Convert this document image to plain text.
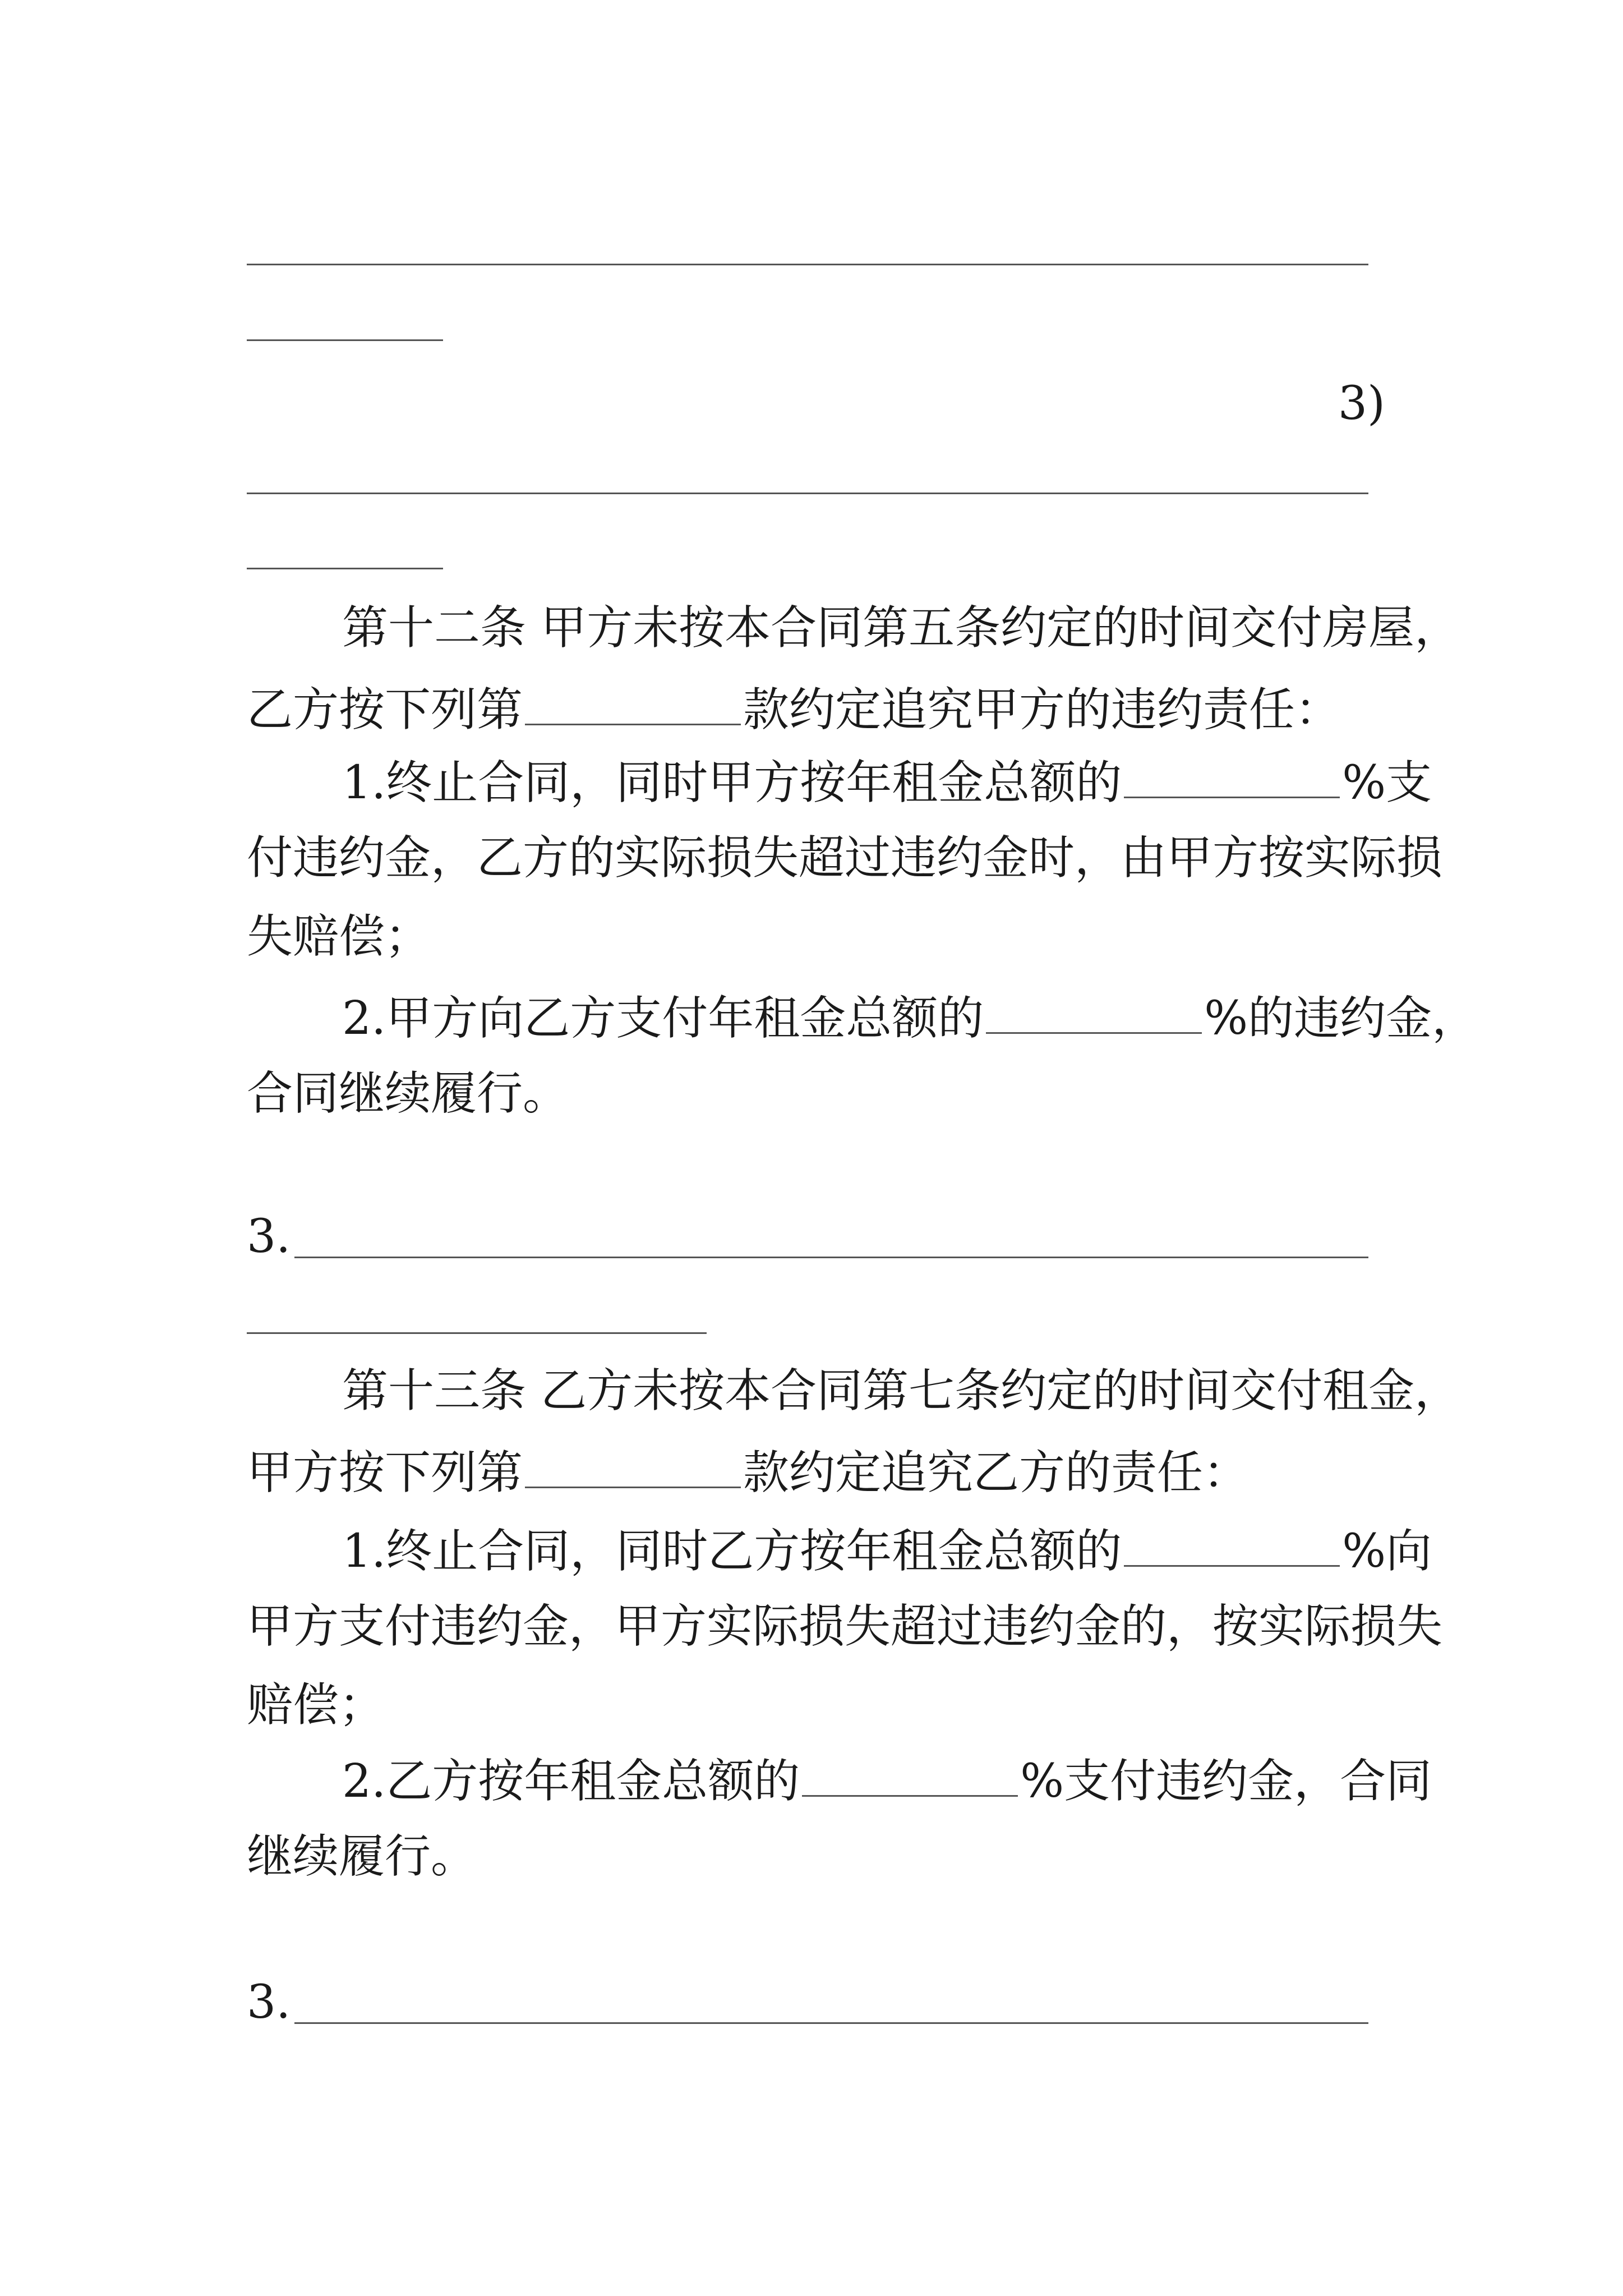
3)
第十二条 甲方未按本合同第五条约定的时间交付房屋，
乙方按下列第	款约定追究甲方的违约责任：
1.终止合同，同时甲方按年租金总额的	%支
付违约金，乙方的实际损失超过违约金时，由甲方按实际损
失赔偿；
2.甲方向乙方支付年租金总额的	%的违约金，
合同继续履行。
3.
第十三条 乙方未按本合同第七条约定的时间交付租金，
甲方按下列第	款约定追究乙方的责任：
1.终止合同，同时乙方按年租金总额的	%向
甲方支付违约金，甲方实际损失超过违约金的，按实际损失
赔偿；
2.乙方按年租金总额的	%支付违约金，合同
继续履行。
3.
